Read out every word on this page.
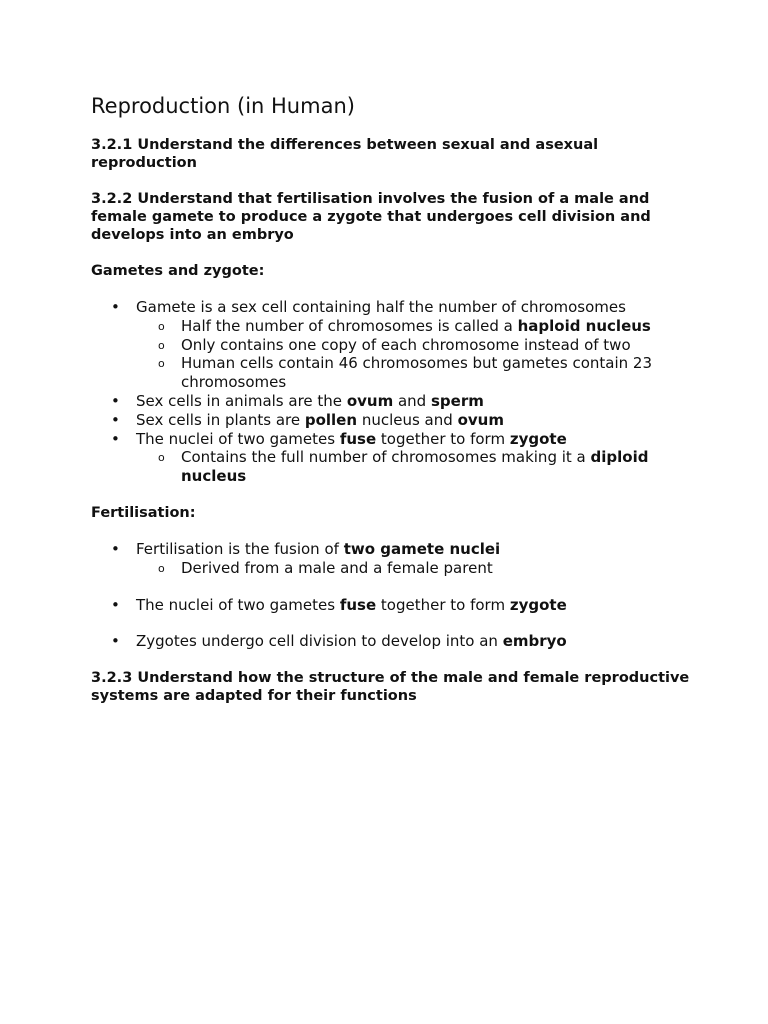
Reproduction (in Human)

3.2.1 Understand the differences between sexual and asexual reproduction

3.2.2 Understand that fertilisation involves the fusion of a male and female gamete to produce a zygote that undergoes cell division and develops into an embryo

Gametes and zygote:

• Gamete is a sex cell containing half the number of chromosomes
o Half the number of chromosomes is called a haploid nucleus
o Only contains one copy of each chromosome instead of two
o Human cells contain 46 chromosomes but gametes contain 23 chromosomes
• Sex cells in animals are the ovum and sperm
• Sex cells in plants are pollen nucleus and ovum
• The nuclei of two gametes fuse together to form zygote
o Contains the full number of chromosomes making it a diploid nucleus

Fertilisation:

• Fertilisation is the fusion of two gamete nuclei
o Derived from a male and a female parent
• The nuclei of two gametes fuse together to form zygote
• Zygotes undergo cell division to develop into an embryo

3.2.3 Understand how the structure of the male and female reproductive systems are adapted for their functions
